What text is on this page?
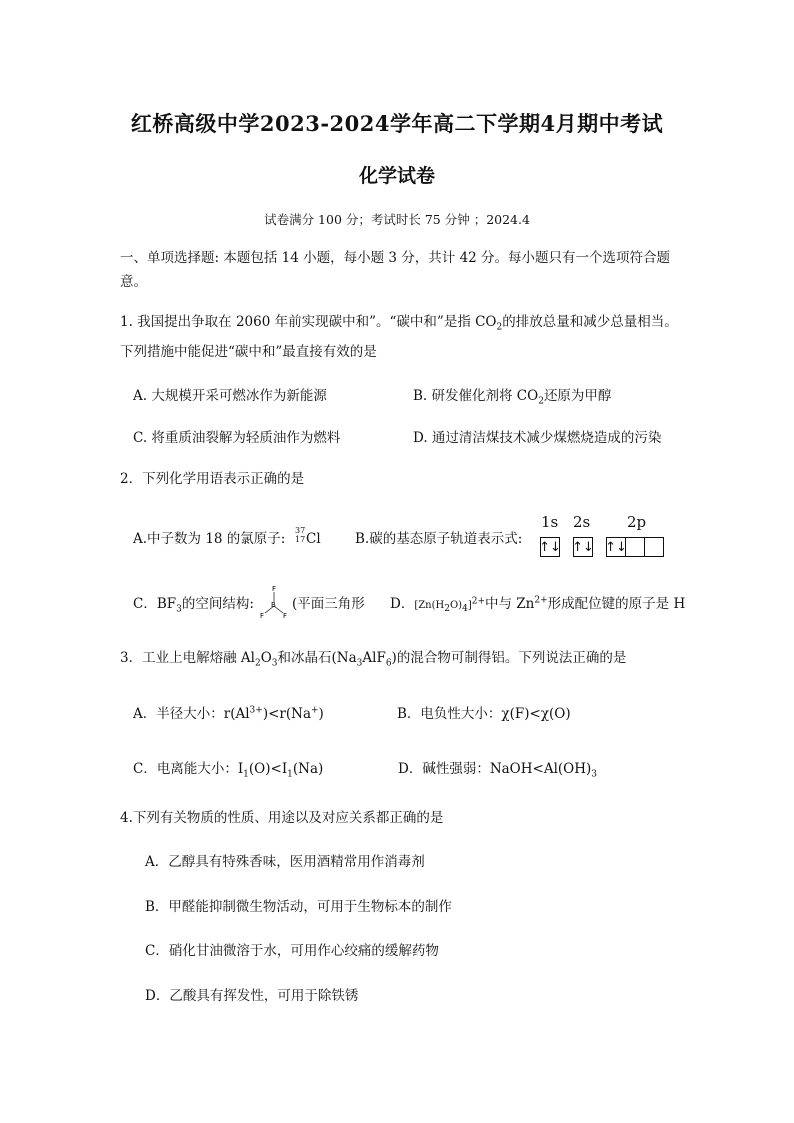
红桥高级中学2023-2024学年高二下学期4月期中考试
化学试卷
试卷满分 100 分；考试时长 75 分钟 ；2024.4
一、单项选择题: 本题包括 14 小题，每小题 3 分，共计 42 分。每小题只有一个选项符合题
意。
1. 我国提出争取在 2060 年前实现碳中和”。“碳中和”是指 $CO_2$的排放总量和减少总量相当。
下列措施中能促进“碳中和”最直接有效的是
A. 大规模开采可燃冰作为新能源	B. 研发催化剂将 $CO_2$还原为甲醇
C. 将重质油裂解为轻质油作为燃料	D. 通过清洁煤技术减少煤燃烧造成的污染
2．下列化学用语表示正确的是
A.中子数为 18 的氯原子:
37
17 Cl	B.碳的基态原子轨道表示式:
1s 2s 2p
↑↓ ↑↓ ↑↓
C．$BF_3$的空间结构:
F
B
F	F
(平面三角形 D．$[Zn(H_2O)_4]^{2+}$中与 $Zn^{2+}$形成配位键的原子是 H
3．工业上电解熔融 $Al_2O_3$和冰晶石$(Na_3AlF_6)$的混合物可制得铝。下列说法正确的是
A．半径大小：$r(Al^{3+})<r(Na^+)$	B．电负性大小：χ(F)<χ(O)
C．电离能大小：$I_1(O)<I_1(Na)$	D．碱性强弱：$NaOH<Al(OH)_3$
4.下列有关物质的性质、用途以及对应关系都正确的是
A．乙醇具有特殊香味，医用酒精常用作消毒剂
B．甲醛能抑制微生物活动，可用于生物标本的制作
C．硝化甘油微溶于水，可用作心绞痛的缓解药物
D．乙酸具有挥发性，可用于除铁锈
